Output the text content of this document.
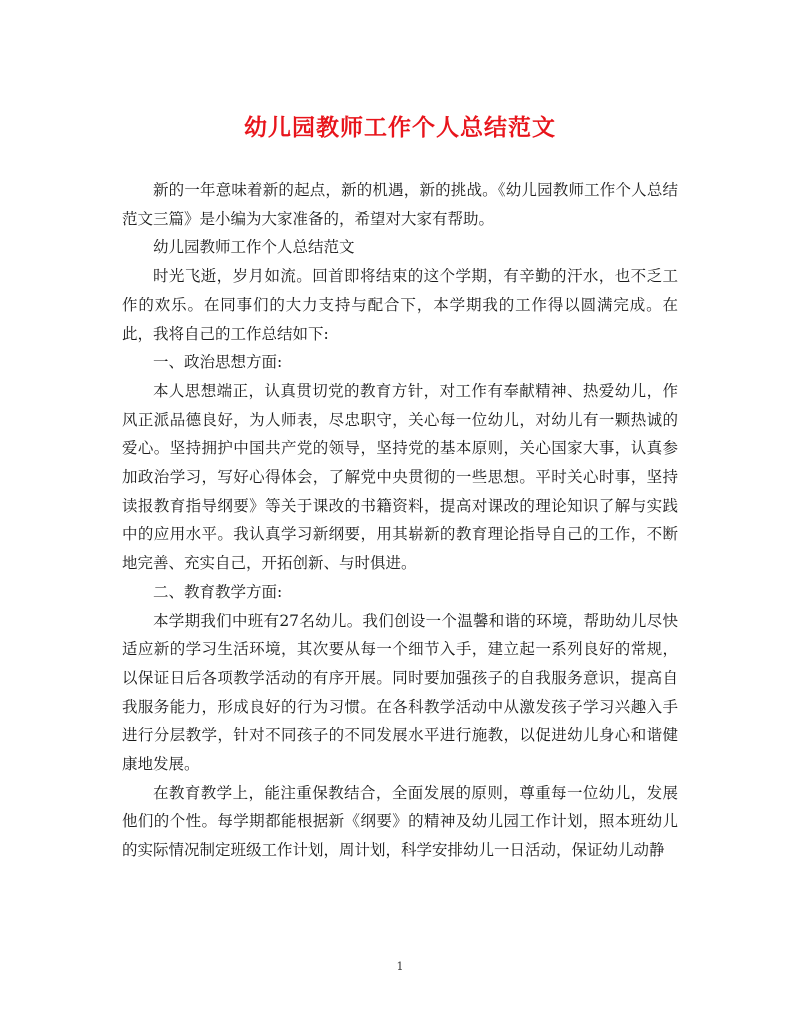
幼儿园教师工作个人总结范文

新的一年意味着新的起点，新的机遇，新的挑战。《幼儿园教师工作个人总结范文三篇》是小编为大家准备的，希望对大家有帮助。

幼儿园教师工作个人总结范文

时光飞逝，岁月如流。回首即将结束的这个学期，有辛勤的汗水，也不乏工作的欢乐。在同事们的大力支持与配合下，本学期我的工作得以圆满完成。在此，我将自己的工作总结如下:

一、政治思想方面:

本人思想端正，认真贯切党的教育方针，对工作有奉献精神、热爱幼儿，作风正派品德良好，为人师表，尽忠职守，关心每一位幼儿，对幼儿有一颗热诚的爱心。坚持拥护中国共产党的领导，坚持党的基本原则，关心国家大事，认真参加政治学习，写好心得体会，了解党中央贯彻的一些思想。平时关心时事，坚持读报教育指导纲要》等关于课改的书籍资料，提高对课改的理论知识了解与实践中的应用水平。我认真学习新纲要，用其崭新的教育理论指导自己的工作，不断地完善、充实自己，开拓创新、与时俱进。

二、教育教学方面:

本学期我们中班有27名幼儿。我们创设一个温馨和谐的环境，帮助幼儿尽快适应新的学习生活环境，其次要从每一个细节入手，建立起一系列良好的常规，以保证日后各项教学活动的有序开展。同时要加强孩子的自我服务意识，提高自我服务能力，形成良好的行为习惯。在各科教学活动中从激发孩子学习兴趣入手进行分层教学，针对不同孩子的不同发展水平进行施教，以促进幼儿身心和谐健康地发展。

在教育教学上，能注重保教结合，全面发展的原则，尊重每一位幼儿，发展他们的个性。每学期都能根据新《纲要》的精神及幼儿园工作计划，照本班幼儿的实际情况制定班级工作计划，周计划，科学安排幼儿一日活动，保证幼儿动静

1
